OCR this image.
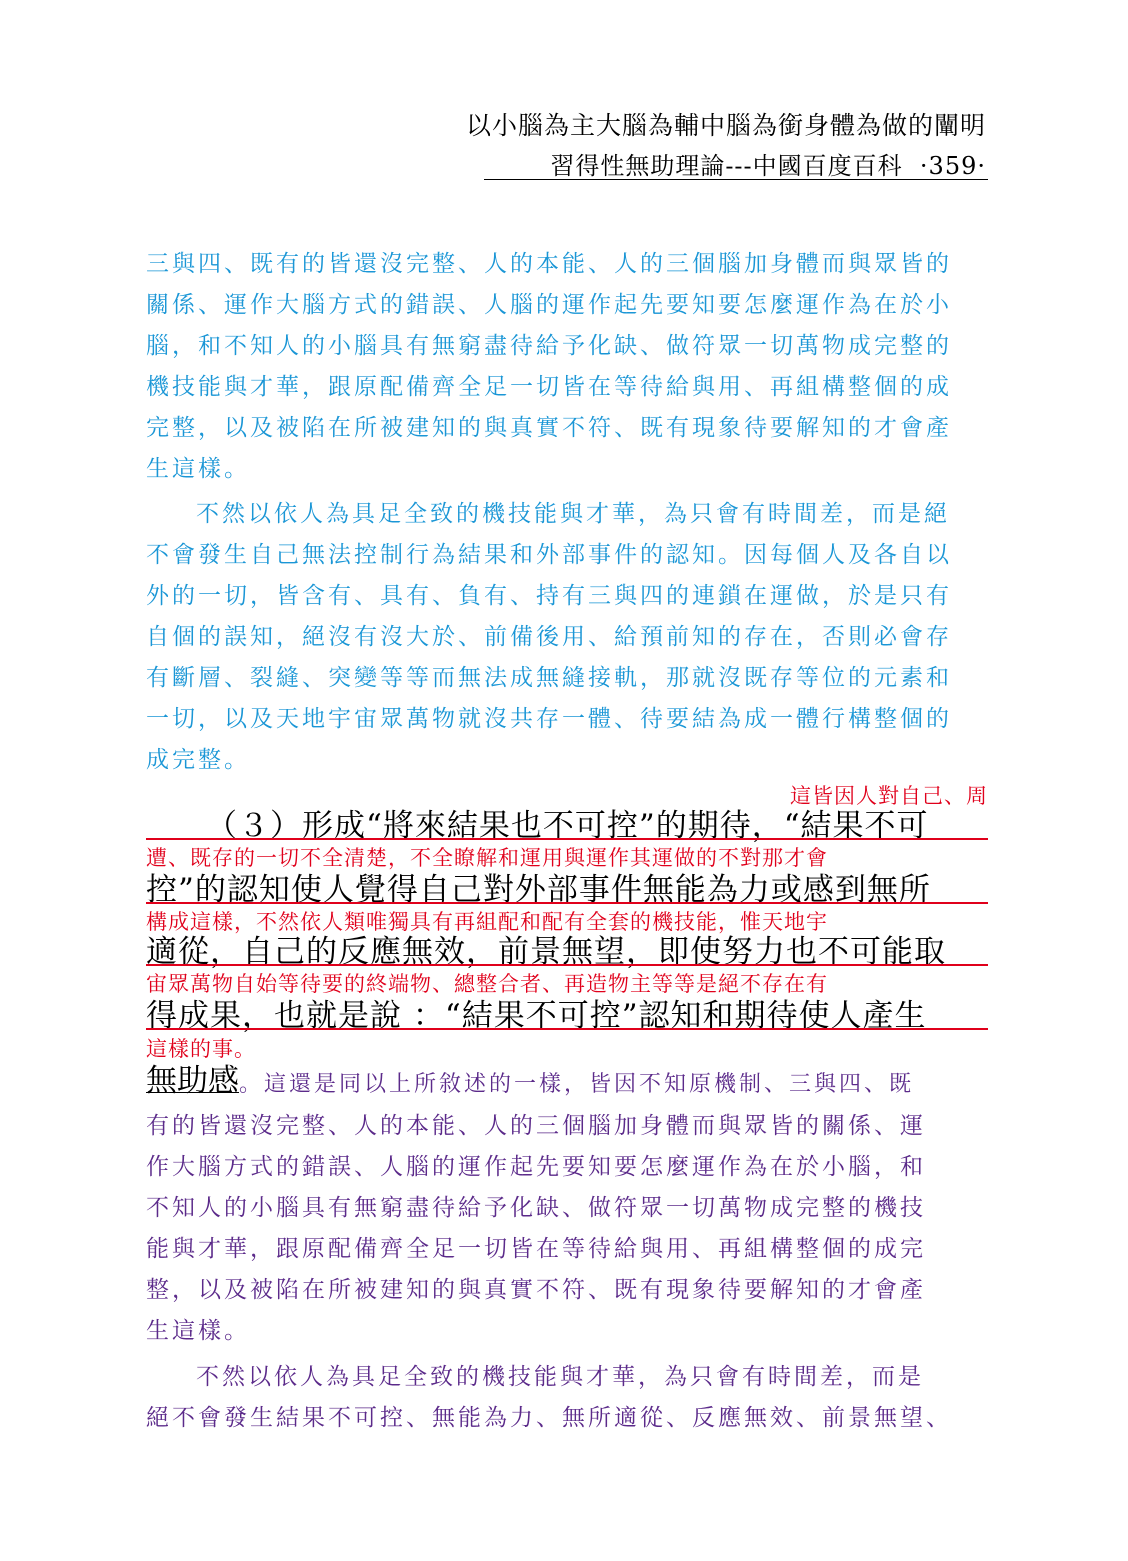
以小腦為主大腦為輔中腦為銜身體為做的闡明
習得性無助理論---中國百度百科 ·359·
三與四、既有的皆還沒完整、人的本能、人的三個腦加身體而與眾皆的
關係、運作大腦方式的錯誤、人腦的運作起先要知要怎麼運作為在於小
腦，和不知人的小腦具有無窮盡待給予化缺、做符眾一切萬物成完整的
機技能與才華，跟原配備齊全足一切皆在等待給與用、再組構整個的成
完整，以及被陷在所被建知的與真實不符、既有現象待要解知的才會產
生這樣。
不然以依人為具足全致的機技能與才華，為只會有時間差，而是絕
不會發生自己無法控制行為結果和外部事件的認知。因每個人及各自以
外的一切，皆含有、具有、負有、持有三與四的連鎖在運做，於是只有
自個的誤知，絕沒有沒大於、前備後用、給預前知的存在，否則必會存
有斷層、裂縫、突變等等而無法成無縫接軌，那就沒既存等位的元素和
一切，以及天地宇宙眾萬物就沒共存一體、待要結為成一體行構整個的
成完整。
這皆因人對自己、周
（３）形成“將來結果也不可控”的期待，“結果不可
遭、既存的一切不全清楚，不全瞭解和運用與運作其運做的不對那才會
控”的認知使人覺得自己對外部事件無能為力或感到無所
構成這樣，不然依人類唯獨具有再組配和配有全套的機技能，惟天地宇
適從，自己的反應無效，前景無望，即使努力也不可能取
宙眾萬物自始等待要的終端物、總整合者、再造物主等等是絕不存在有
得成果，也就是說 ：“結果不可控”認知和期待使人產生
這樣的事。
無助感。這還是同以上所敘述的一樣，皆因不知原機制、三與四、既
有的皆還沒完整、人的本能、人的三個腦加身體而與眾皆的關係、運
作大腦方式的錯誤、人腦的運作起先要知要怎麼運作為在於小腦，和
不知人的小腦具有無窮盡待給予化缺、做符眾一切萬物成完整的機技
能與才華，跟原配備齊全足一切皆在等待給與用、再組構整個的成完
整，以及被陷在所被建知的與真實不符、既有現象待要解知的才會產
生這樣。
不然以依人為具足全致的機技能與才華，為只會有時間差，而是
絕不會發生結果不可控、無能為力、無所適從、反應無效、前景無望、
